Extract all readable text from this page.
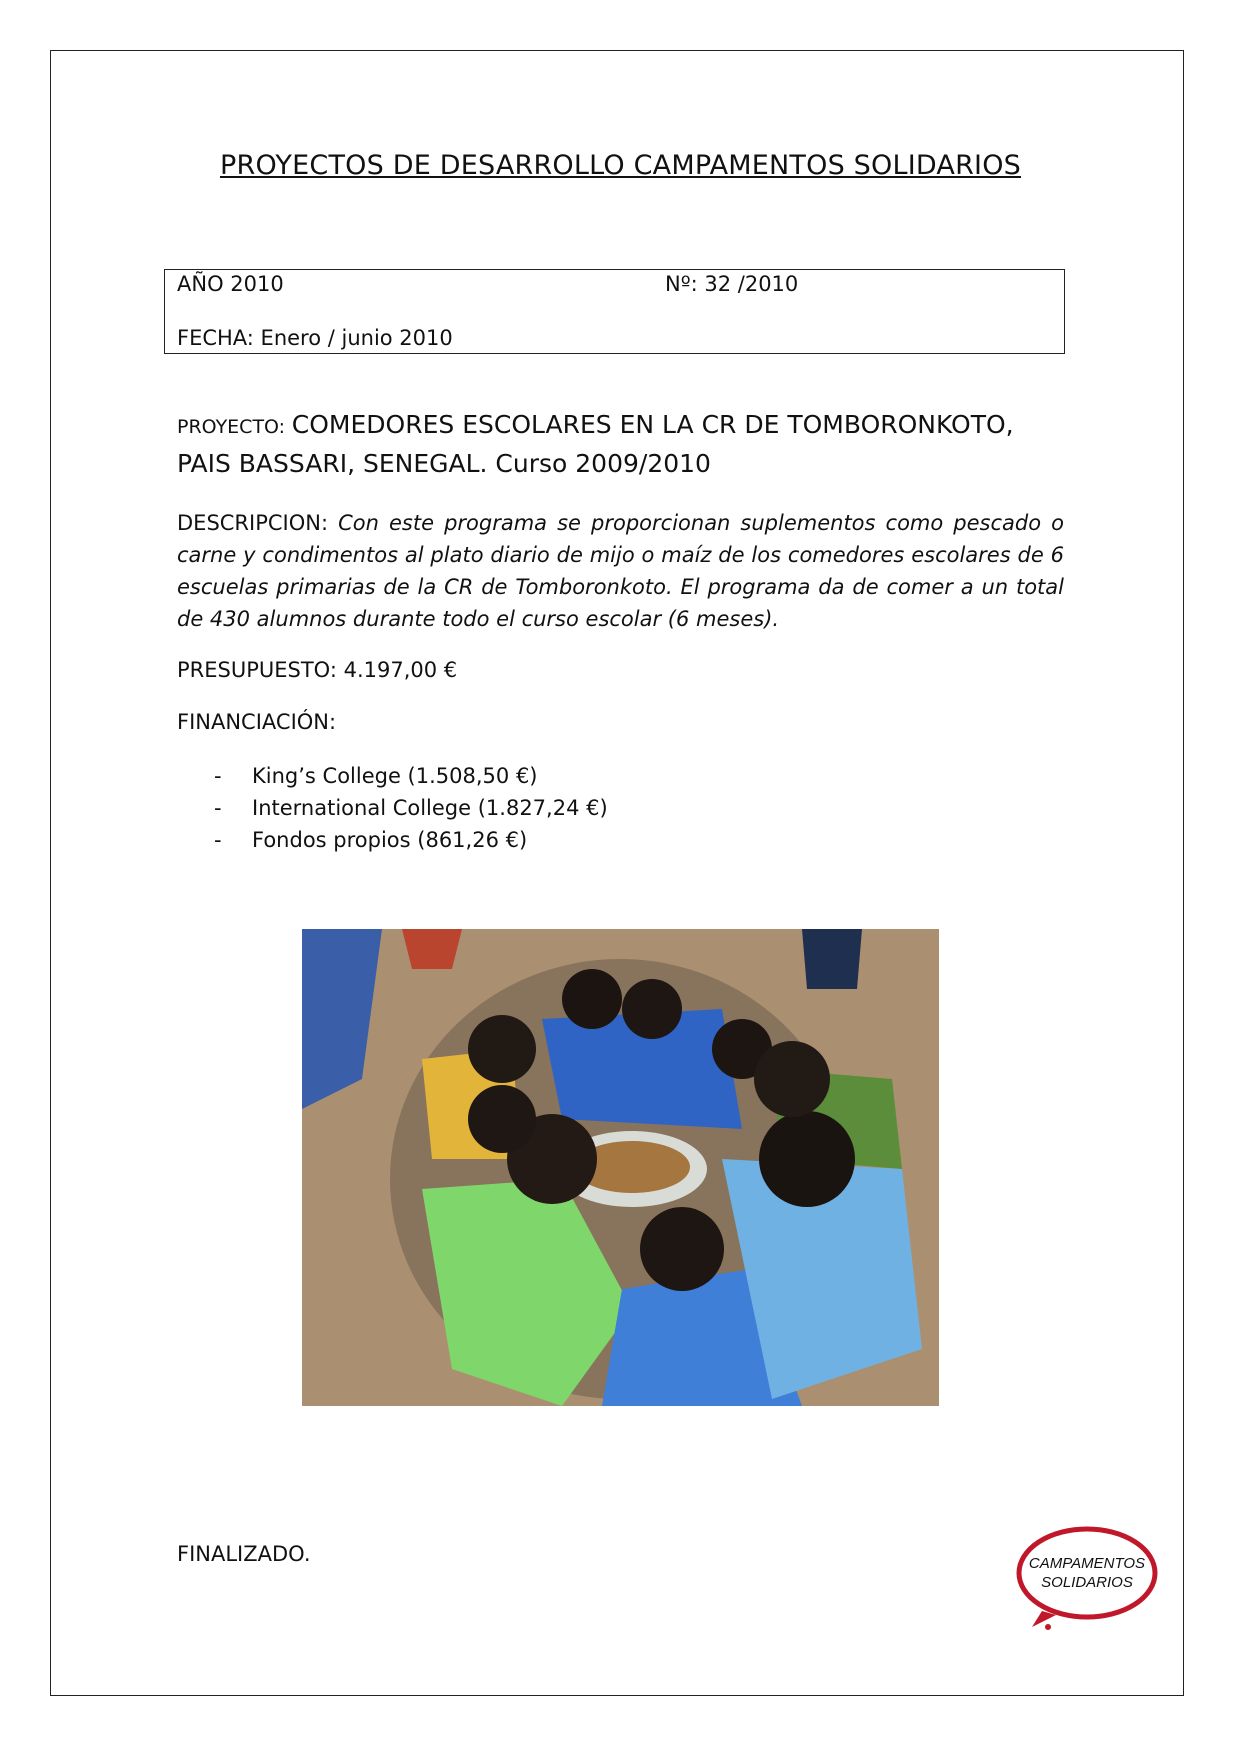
PROYECTOS DE DESARROLLO CAMPAMENTOS SOLIDARIOS
AÑO 2010	Nº: 32 /2010
FECHA: Enero / junio 2010
PROYECTO: COMEDORES ESCOLARES EN LA CR DE TOMBORONKOTO,
PAIS BASSARI, SENEGAL. Curso 2009/2010
DESCRIPCION: Con este programa se proporcionan suplementos como pescado o carne y condimentos al plato diario de mijo o maíz de los comedores escolares de 6 escuelas primarias de la CR de Tomboronkoto. El programa da de comer a un total de 430 alumnos durante todo el curso escolar (6 meses).
PRESUPUESTO: 4.197,00 €
FINANCIACIÓN:
- King’s College (1.508,50 €)
- International College (1.827,24 €)
- Fondos propios (861,26 €)
FINALIZADO.	CAMPAMENTOS
SOLIDARIOS
